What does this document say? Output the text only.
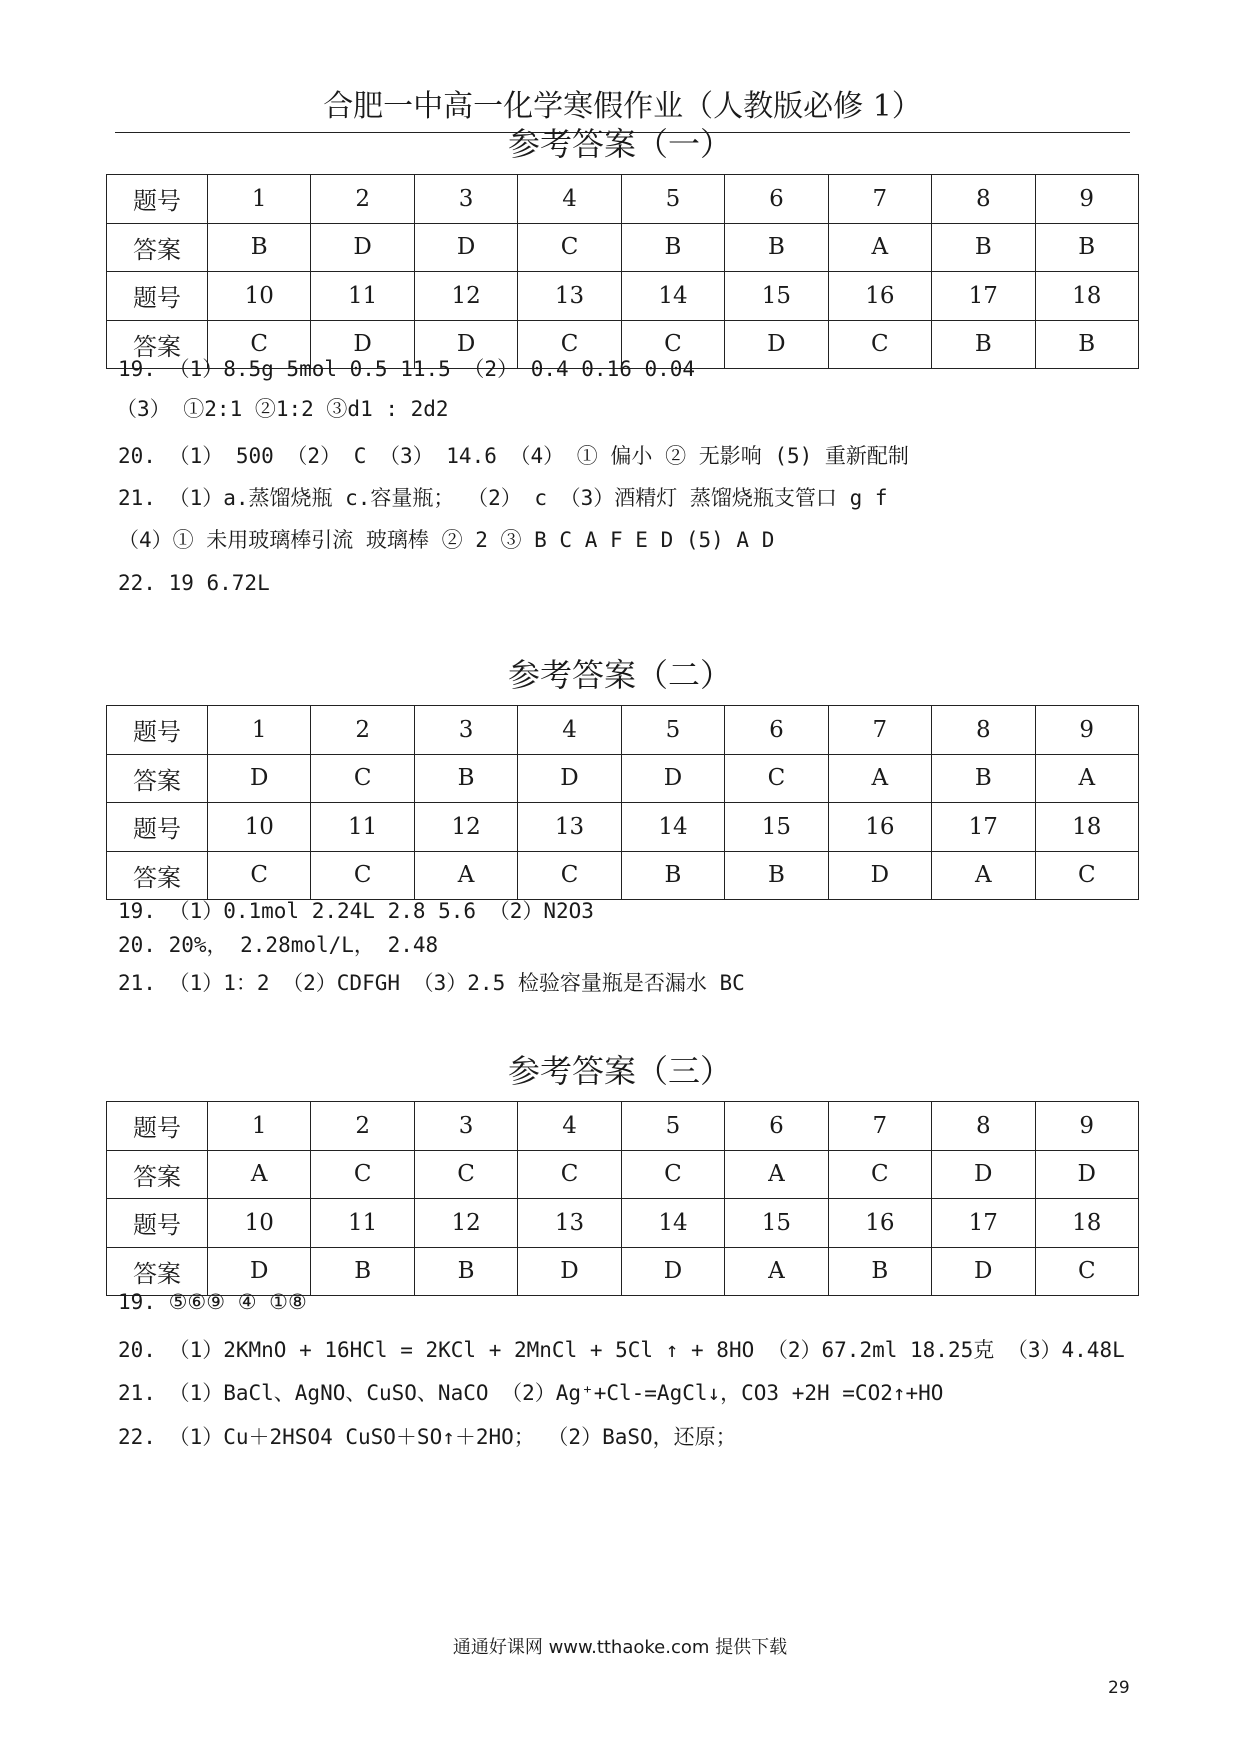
合肥一中高一化学寒假作业（人教版必修 1）
参考答案（一）
题号	1	2	3	4	5	6	7	8	9
答案	B	D	D	C	B	B	A	B	B
题号	10	11	12	13	14	15	16	17	18
答案	C	D	D	C	C	D	C	B	B
19. （1）8.5g 5mol 0.5 11.5 （2） 0.4 0.16 0.04
（3） ①2:1 ②1:2 ③d1 : 2d2
20. （1） 500 （2） C （3） 14.6 （4） ① 偏小 ② 无影响 (5) 重新配制
21. （1）a.蒸馏烧瓶 c.容量瓶； （2） c （3）酒精灯 蒸馏烧瓶支管口 g f
（4）① 未用玻璃棒引流 玻璃棒 ② 2 ③ B C A F E D (5) A D
22. 19 6.72L
参考答案（二）
题号	1	2	3	4	5	6	7	8	9
答案	D	C	B	D	D	C	A	B	A
题号	10	11	12	13	14	15	16	17	18
答案	C	C	A	C	B	B	D	A	C
19. （1）0.1mol 2.24L 2.8 5.6 （2）N2O3
20. 20%， 2.28mol/L， 2.48
21. （1）1：2 （2）CDFGH （3）2.5 检验容量瓶是否漏水 BC
参考答案（三）
题号	1	2	3	4	5	6	7	8	9
答案	A	C	C	C	C	A	C	D	D
题号	10	11	12	13	14	15	16	17	18
答案	D	B	B	D	D	A	B	D	C
19. ⑤⑥⑨ ④ ①⑧
20. （1）2KMnO + 16HCl = 2KCl + 2MnCl + 5Cl ↑ + 8HO （2）67.2ml 18.25克 （3）4.48L
21. （1）BaCl、AgNO、CuSO、NaCO （2）Ag⁺+Cl-=AgCl↓，CO3 +2H =CO2↑+HO
22. （1）Cu＋2HSO4 CuSO＋SO↑＋2HO； （2）BaSO，还原；
通通好课网 www.tthaoke.com 提供下载
29
